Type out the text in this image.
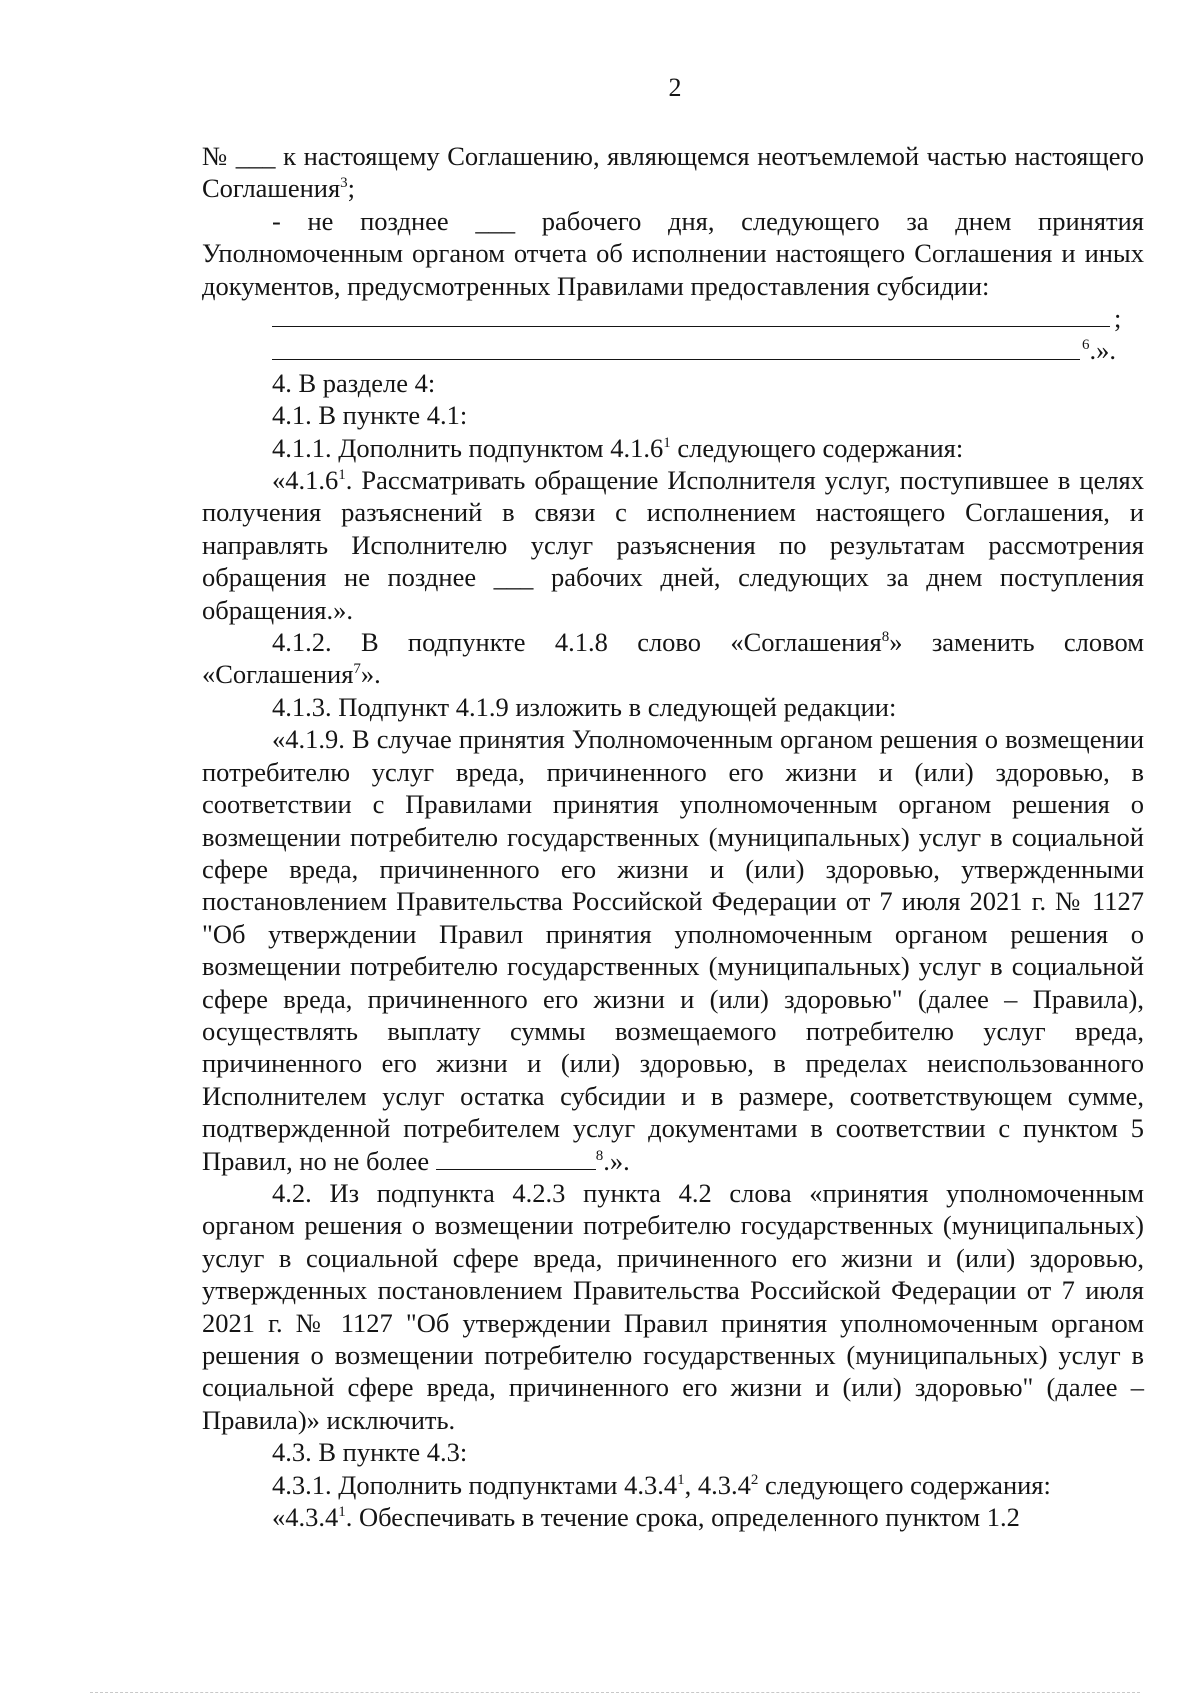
2

№ ___ к настоящему Соглашению, являющемся неотъемлемой частью настоящего Соглашения$^3$;

- не позднее ___ рабочего дня, следующего за днем принятия Уполномоченным органом отчета об исполнении настоящего Соглашения и иных документов, предусмотренных Правилами предоставления субсидии:

;
$^6$.».

4. В разделе 4:

4.1. В пункте 4.1:

4.1.1. Дополнить подпунктом 4.1.6$^1$ следующего содержания:

«4.1.6$^1$. Рассматривать обращение Исполнителя услуг, поступившее в целях получения разъяснений в связи с исполнением настоящего Соглашения, и направлять Исполнителю услуг разъяснения по результатам рассмотрения обращения не позднее ___ рабочих дней, следующих за днем поступления обращения.».

4.1.2. В подпункте 4.1.8 слово «Соглашения$^8$» заменить словом «Соглашения$^7$».

4.1.3. Подпункт 4.1.9 изложить в следующей редакции:

«4.1.9. В случае принятия Уполномоченным органом решения о возмещении потребителю услуг вреда, причиненного его жизни и (или) здоровью, в соответствии с Правилами принятия уполномоченным органом решения о возмещении потребителю государственных (муниципальных) услуг в социальной сфере вреда, причиненного его жизни и (или) здоровью, утвержденными постановлением Правительства Российской Федерации от 7 июля 2021 г. № 1127 "Об утверждении Правил принятия уполномоченным органом решения о возмещении потребителю государственных (муниципальных) услуг в социальной сфере вреда, причиненного его жизни и (или) здоровью" (далее – Правила), осуществлять выплату суммы возмещаемого потребителю услуг вреда, причиненного его жизни и (или) здоровью, в пределах неиспользованного Исполнителем услуг остатка субсидии и в размере, соответствующем сумме, подтвержденной потребителем услуг документами в соответствии с пунктом 5 Правил, но не более	$^8$.».

4.2. Из подпункта 4.2.3 пункта 4.2 слова «принятия уполномоченным органом решения о возмещении потребителю государственных (муниципальных) услуг в социальной сфере вреда, причиненного его жизни и (или) здоровью, утвержденных постановлением Правительства Российской Федерации от 7 июля 2021 г. № 1127 "Об утверждении Правил принятия уполномоченным органом решения о возмещении потребителю государственных (муниципальных) услуг в социальной сфере вреда, причиненного его жизни и (или) здоровью" (далее – Правила)» исключить.

4.3. В пункте 4.3:

4.3.1. Дополнить подпунктами 4.3.4$^1$, 4.3.4$^2$ следующего содержания:

«4.3.4$^1$. Обеспечивать в течение срока, определенного пунктом 1.2
